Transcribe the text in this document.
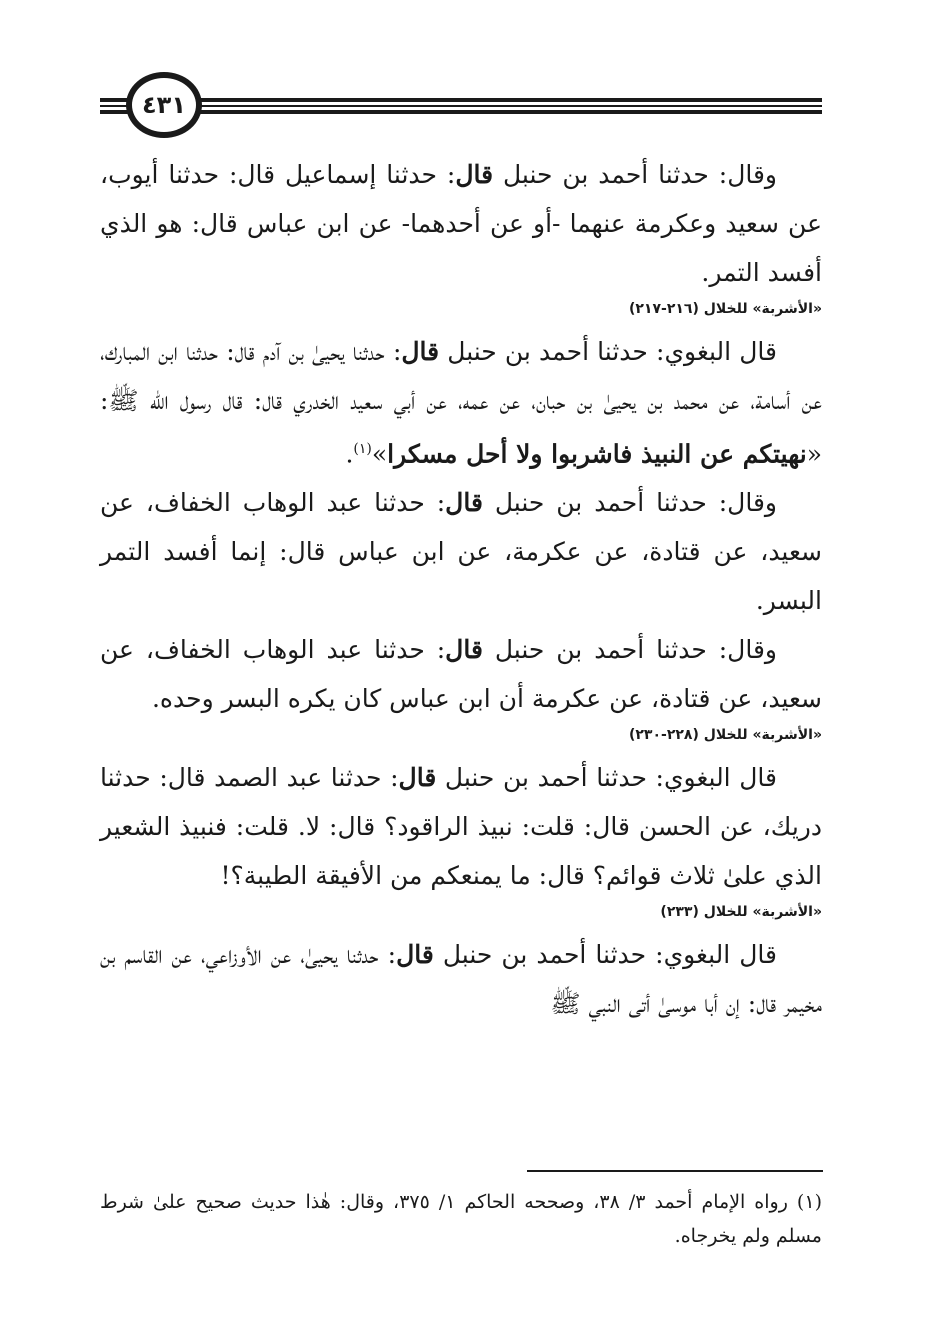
٤٣١

وقال: حدثنا أحمد بن حنبل قال: حدثنا إسماعيل قال: حدثنا أيوب، عن سعيد وعكرمة عنهما -أو عن أحدهما- عن ابن عباس قال: هو الذي أفسد التمر.

«الأشربة» للخلال (٢١٦-٢١٧)

قال البغوي: حدثنا أحمد بن حنبل قال: حدثنا يحيىٰ بن آدم قال: حدثنا ابن المبارك، عن أسامة، عن محمد بن يحيىٰ بن حبان، عن عمه، عن أبي سعيد الخدري قال: قال رسول الله ﷺ: «نهيتكم عن النبيذ فاشربوا ولا أحل مسكرا»$^{(١)}$.

وقال: حدثنا أحمد بن حنبل قال: حدثنا عبد الوهاب الخفاف، عن سعيد، عن قتادة، عن عكرمة، عن ابن عباس قال: إنما أفسد التمر البسر.

وقال: حدثنا أحمد بن حنبل قال: حدثنا عبد الوهاب الخفاف، عن سعيد، عن قتادة، عن عكرمة أن ابن عباس كان يكره البسر وحده.

«الأشربة» للخلال (٢٢٨-٢٣٠)

قال البغوي: حدثنا أحمد بن حنبل قال: حدثنا عبد الصمد قال: حدثنا دريك، عن الحسن قال: قلت: نبيذ الراقود؟ قال: لا. قلت: فنبيذ الشعير الذي علىٰ ثلاث قوائم؟ قال: ما يمنعكم من الأفيقة الطيبة؟!

«الأشربة» للخلال (٢٣٣)

قال البغوي: حدثنا أحمد بن حنبل قال: حدثنا يحيىٰ، عن الأوزاعي، عن القاسم بن مخيمر قال: إن أبا موسىٰ أتى النبي ﷺ

(١) رواه الإمام أحمد ٣/ ٣٨، وصححه الحاكم ١/ ٣٧٥، وقال: هٰذا حديث صحيح علىٰ شرط مسلم ولم يخرجاه.
